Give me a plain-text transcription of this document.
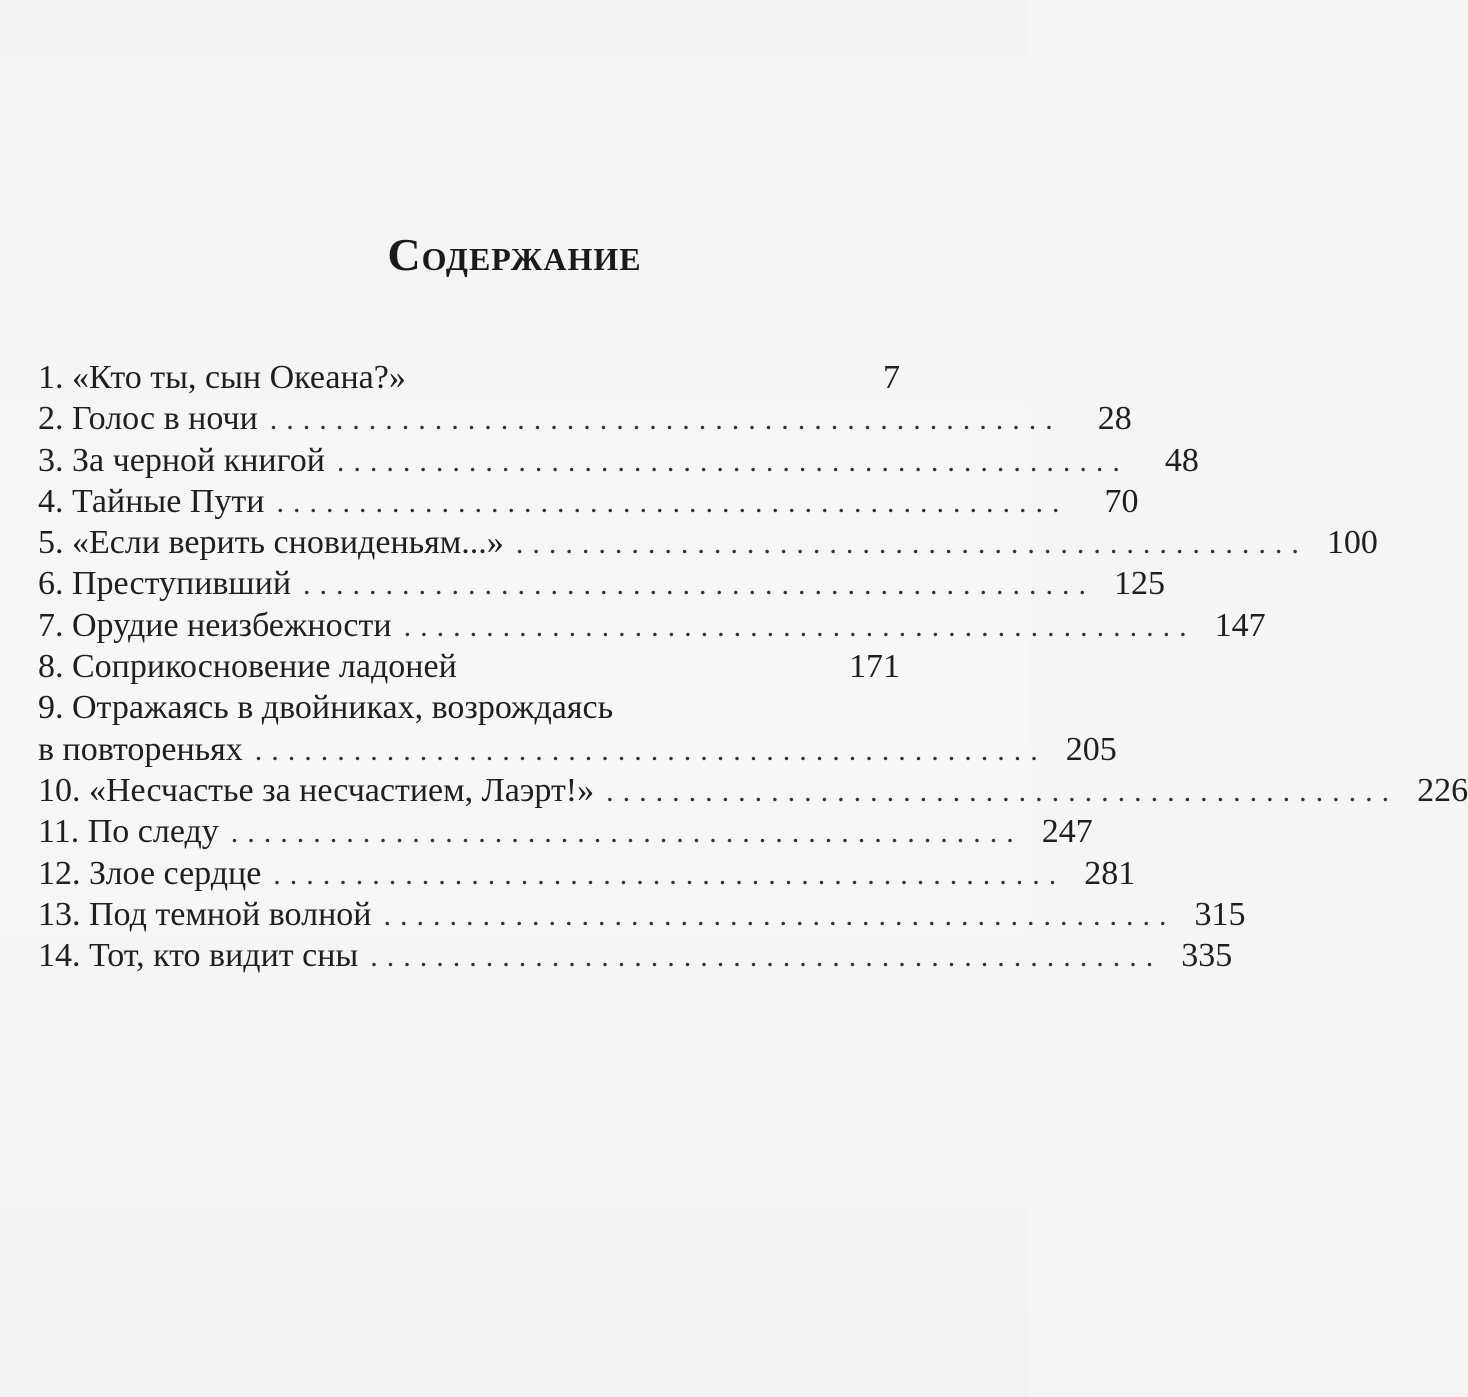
Содержание
1. «Кто ты, сын Океана?»	7
2. Голос в ночи ................................................	28
3. За черной книгой ................................................	48
4. Тайные Пути ................................................	70
5. «Если верить сновиденьям...» ................................................ 100
6. Преступивший ................................................ 125
7. Орудие неизбежности ................................................ 147
8. Соприкосновение ладоней	171
9. Отражаясь в двойниках, возрождаясь
в повтореньях ................................................ 205
10. «Несчастье за несчастием, Лаэрт!» ................................................ 226
11. По следу ................................................ 247
12. Злое сердце ................................................ 281
13. Под темной волной ................................................ 315
14. Тот, кто видит сны ................................................ 335
